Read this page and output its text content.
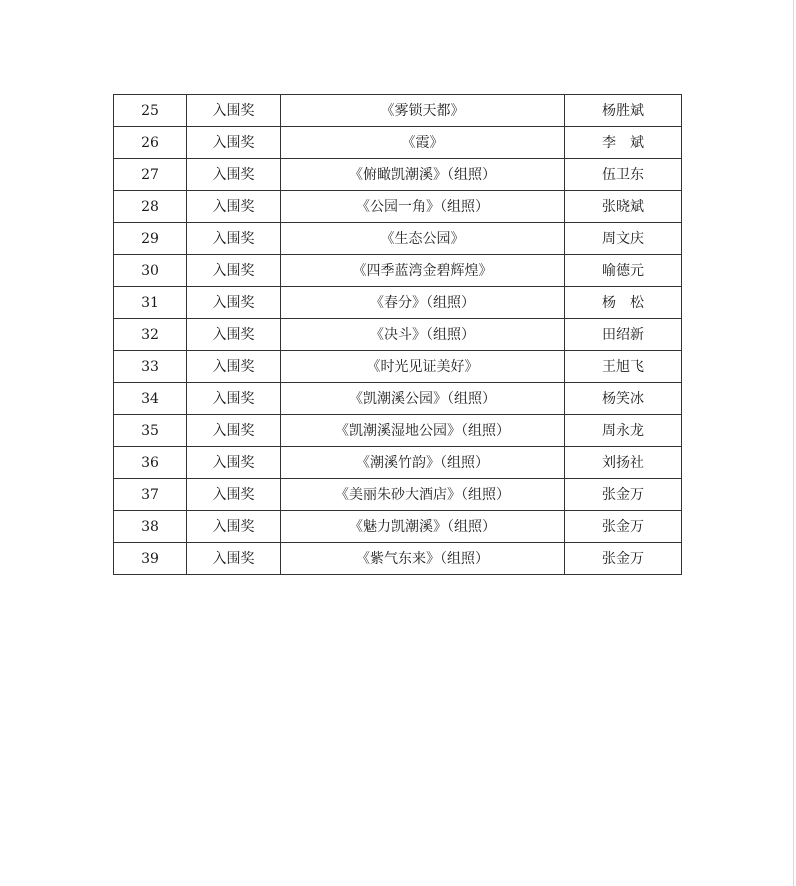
25	入围奖	《雾锁天都》	杨胜斌
26	入围奖	《霞》	李　斌
27	入围奖	《俯瞰凯潮溪》（组照）	伍卫东
28	入围奖	《公园一角》（组照）	张晓斌
29	入围奖	《生态公园》	周文庆
30	入围奖	《四季蓝湾金碧辉煌》	喻德元
31	入围奖	《春分》（组照）	杨　松
32	入围奖	《决斗》（组照）	田绍新
33	入围奖	《时光见证美好》	王旭飞
34	入围奖	《凯潮溪公园》（组照）	杨笑冰
35	入围奖	《凯潮溪湿地公园》（组照）	周永龙
36	入围奖	《潮溪竹韵》（组照）	刘扬社
37	入围奖	《美丽朱砂大酒店》（组照）	张金万
38	入围奖	《魅力凯潮溪》（组照）	张金万
39	入围奖	《紫气东来》（组照）	张金万
